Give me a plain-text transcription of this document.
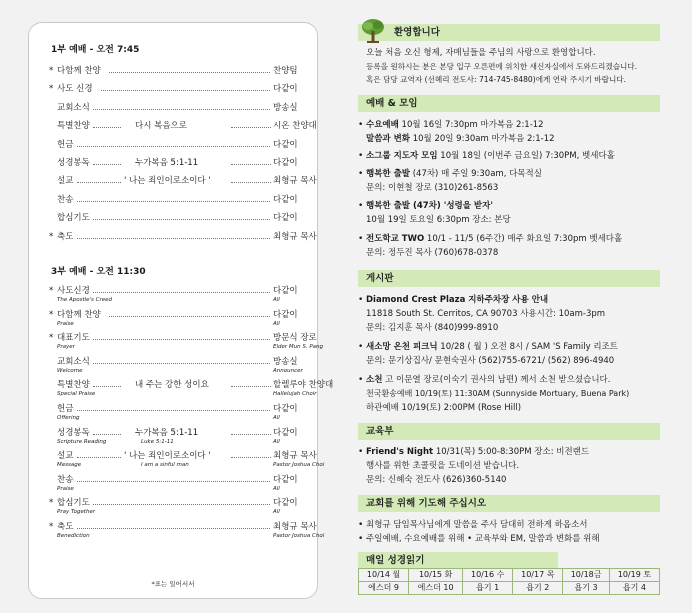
1부 예배 - 오전 7:45
* 다함께 찬양	찬양팀
* 사도 신경	다같이
교회소식	방송실
특별찬양	다시 복음으로	시온 찬양대
헌금	다같이
성경봉독	누가복음 5:1-11	다같이
설교	' 나는 죄인이로소이다 '	최형규 목사
찬송	다같이
합심기도	다같이
* 축도	최형규 목사
3부 예배 - 오전 11:30
* 사도신경	다같이
The Apostle's Creed	All
* 다함께 찬양	다같이
Praise	All
* 대표기도	방문식 장로
Prayer	Elder Mun S. Pang
교회소식	방송실
Welcome	Announcer
특별찬양	내 주는 강한 성이요	할렐루야 찬양대
Special Praise	Hallelujah Choir
헌금	다같이
Offering	All
성경봉독	누가복음 5:1-11	다같이
Scripture Reading	Luke 5:1-11	All
설교	' 나는 죄인이로소이다 '	최형규 목사
Message	I am a sinful man	Pastor Joshua Choi
찬송	다같이
Praise	All
* 합심기도	다같이
Pray Together	All
* 축도	최형규 목사
Benediction	Pastor Joshua Choi
*표는 일어서서
환영합니다
오늘 처음 오신 형제, 자매님들을 주님의 사랑으로 환영합니다.
등록을 원하시는 분은 본당 입구 오른편에 위치한 새신자실에서 도와드리겠습니다.
혹은 담당 교역자 (선혜리 전도사: 714-745-8480)에게 연락 주시기 바랍니다.
예배 & 모임
• 수요예배 10월 16일 7:30pm 마가복음 2:1-12
말씀과 변화 10월 20일 9:30am 마가복음 2:1-12
• 소그룹 지도자 모임 10월 18일 (이번주 금요일) 7:30PM, 벳세다홀
• 행복한 출발 (47차) 매 주일 9:30am, 다목적실
문의: 이현철 장로 (310)261-8563
• 행복한 출발 (47차) '성령을 받자'
10월 19일 토요일 6:30pm 장소: 본당
• 전도학교 TWO 10/1 - 11/5 (6주간) 매주 화요일 7:30pm 벳세다홀
문의: 정두진 목사 (760)678-0378
게시판
• Diamond Crest Plaza 지하주차장 사용 안내
11818 South St. Cerritos, CA 90703 사용시간: 10am-3pm
문의: 김지훈 목사 (840)999-8910
• 새소망 온천 피크닉 10/28 ( 월 ) 오전 8시 / SAM 'S Family 리조트
문의: 문기상집사/ 문현숙권사 (562)755-6721/ (562) 896-4940
• 소천 고 이문열 장로(이숙기 권사의 남편) 께서 소천 받으셨습니다.
천국환송예배 10/19(토) 11:30AM (Sunnyside Mortuary, Buena Park)
하관예배 10/19(토) 2:00PM (Rose Hill)
교육부
• Friend's Night 10/31(목) 5:00-8:30PM 장소: 비전랜드
행사를 위한 초콜릿을 도네이션 받습니다.
문의: 신혜숙 전도사 (626)360-5140
교회를 위해 기도해 주십시오
• 최형규 담임목사님에게 말씀을 주사 담대히 전하게 하옵소서
• 주일예배, 수요예배를 위해 • 교육부와 EM, 말씀과 변화를 위해
매일 성경읽기
10/14 월	10/15 화	10/16 수	10/17 목	10/18금	10/19 토
에스더 9	에스더 10	욥기 1	욥기 2	욥기 3	욥기 4
